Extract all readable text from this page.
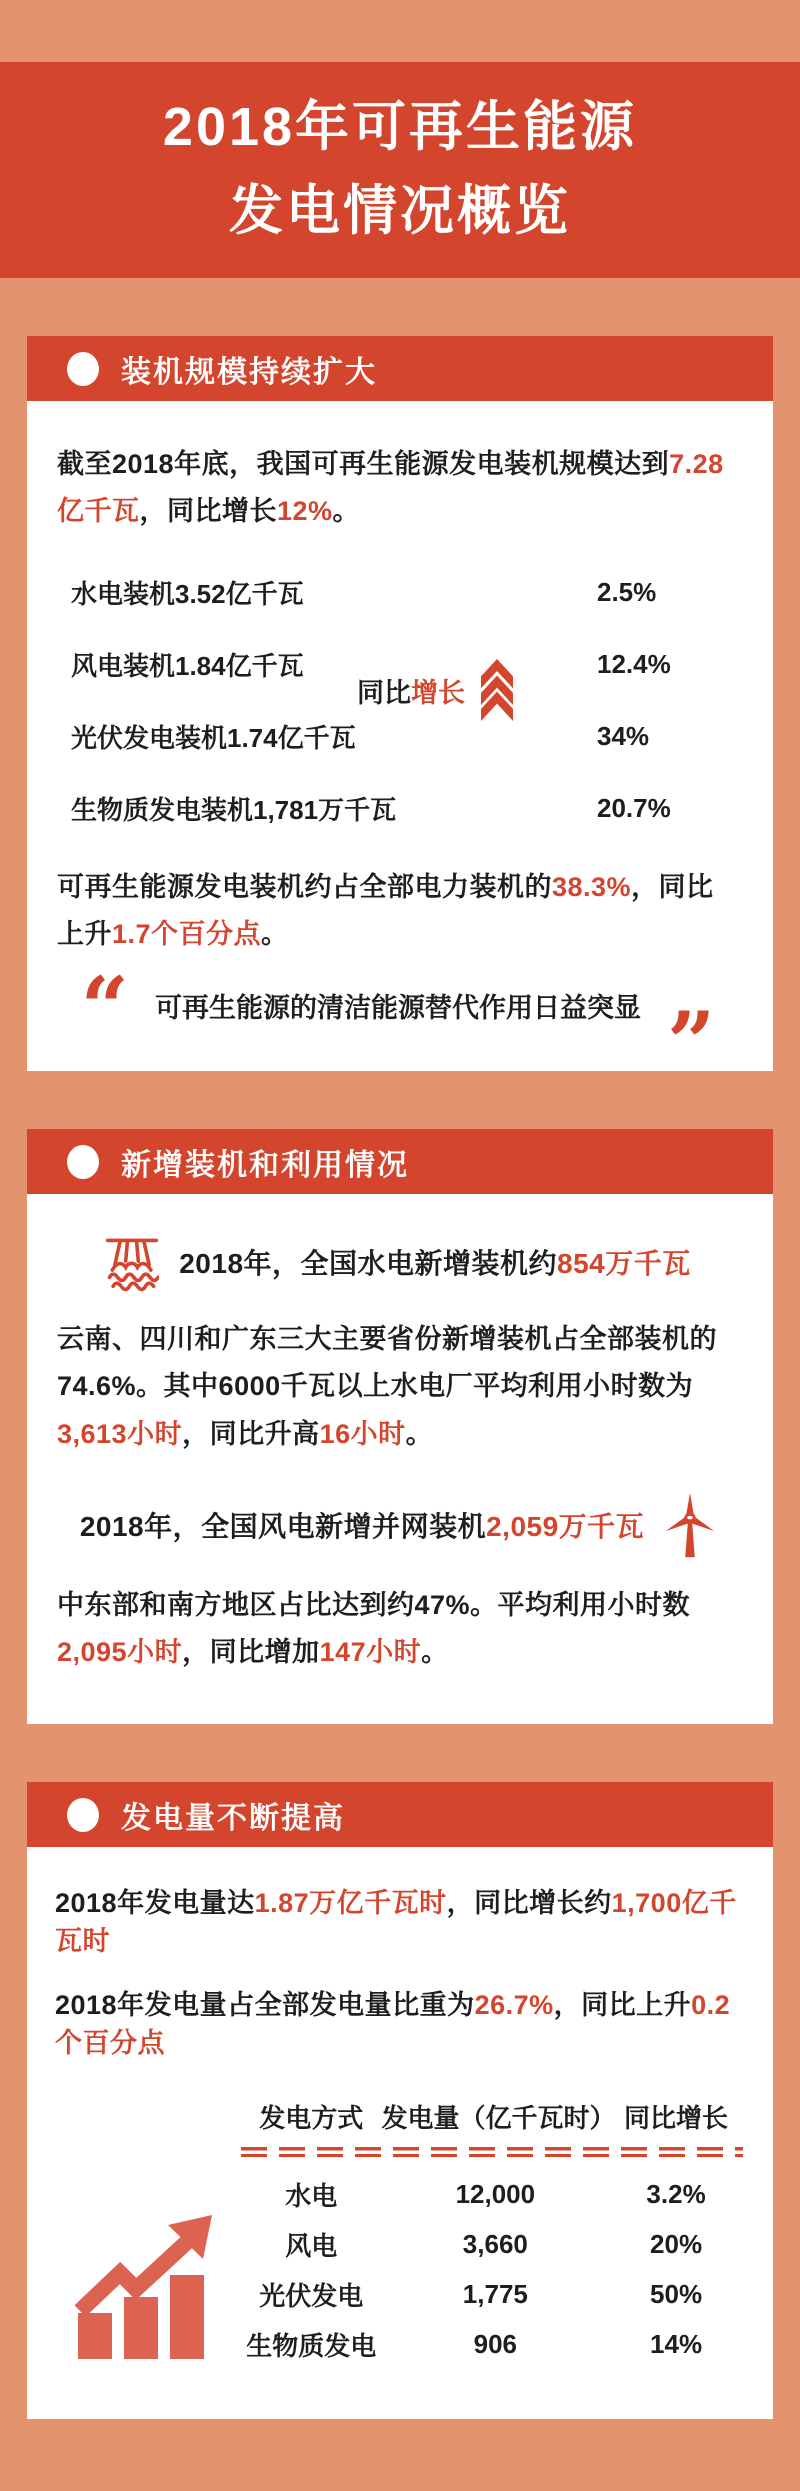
2018年可再生能源
发电情况概览
装机规模持续扩大

截至2018年底，我国可再生能源发电装机规模达到7.28亿千瓦，同比增长12%。

水电装机3.52亿千瓦	2.5%
风电装机1.84亿千瓦	12.4%
光伏发电装机1.74亿千瓦	34%
生物质发电装机1,781万千瓦	20.7%
同比增长

可再生能源发电装机约占全部电力装机的38.3%，同比上升1.7个百分点。

“ 可再生能源的清洁能源替代作用日益突显 ”
新增装机和利用情况
2018年，全国水电新增装机约854万千瓦

云南、四川和广东三大主要省份新增装机占全部装机的74.6%。其中6000千瓦以上水电厂平均利用小时数为3,613小时，同比升高16小时。

2018年，全国风电新增并网装机2,059万千瓦

中东部和南方地区占比达到约47%。平均利用小时数2,095小时，同比增加147小时。

发电量不断提高

2018年发电量达1.87万亿千瓦时，同比增长约1,700亿千瓦时

2018年发电量占全部发电量比重为26.7%，同比上升0.2个百分点

发电方式 发电量（亿千瓦时） 同比增长
水电	12,000	3.2%
风电	3,660	20%
光伏发电	1,775	50%
生物质发电	906	14%
